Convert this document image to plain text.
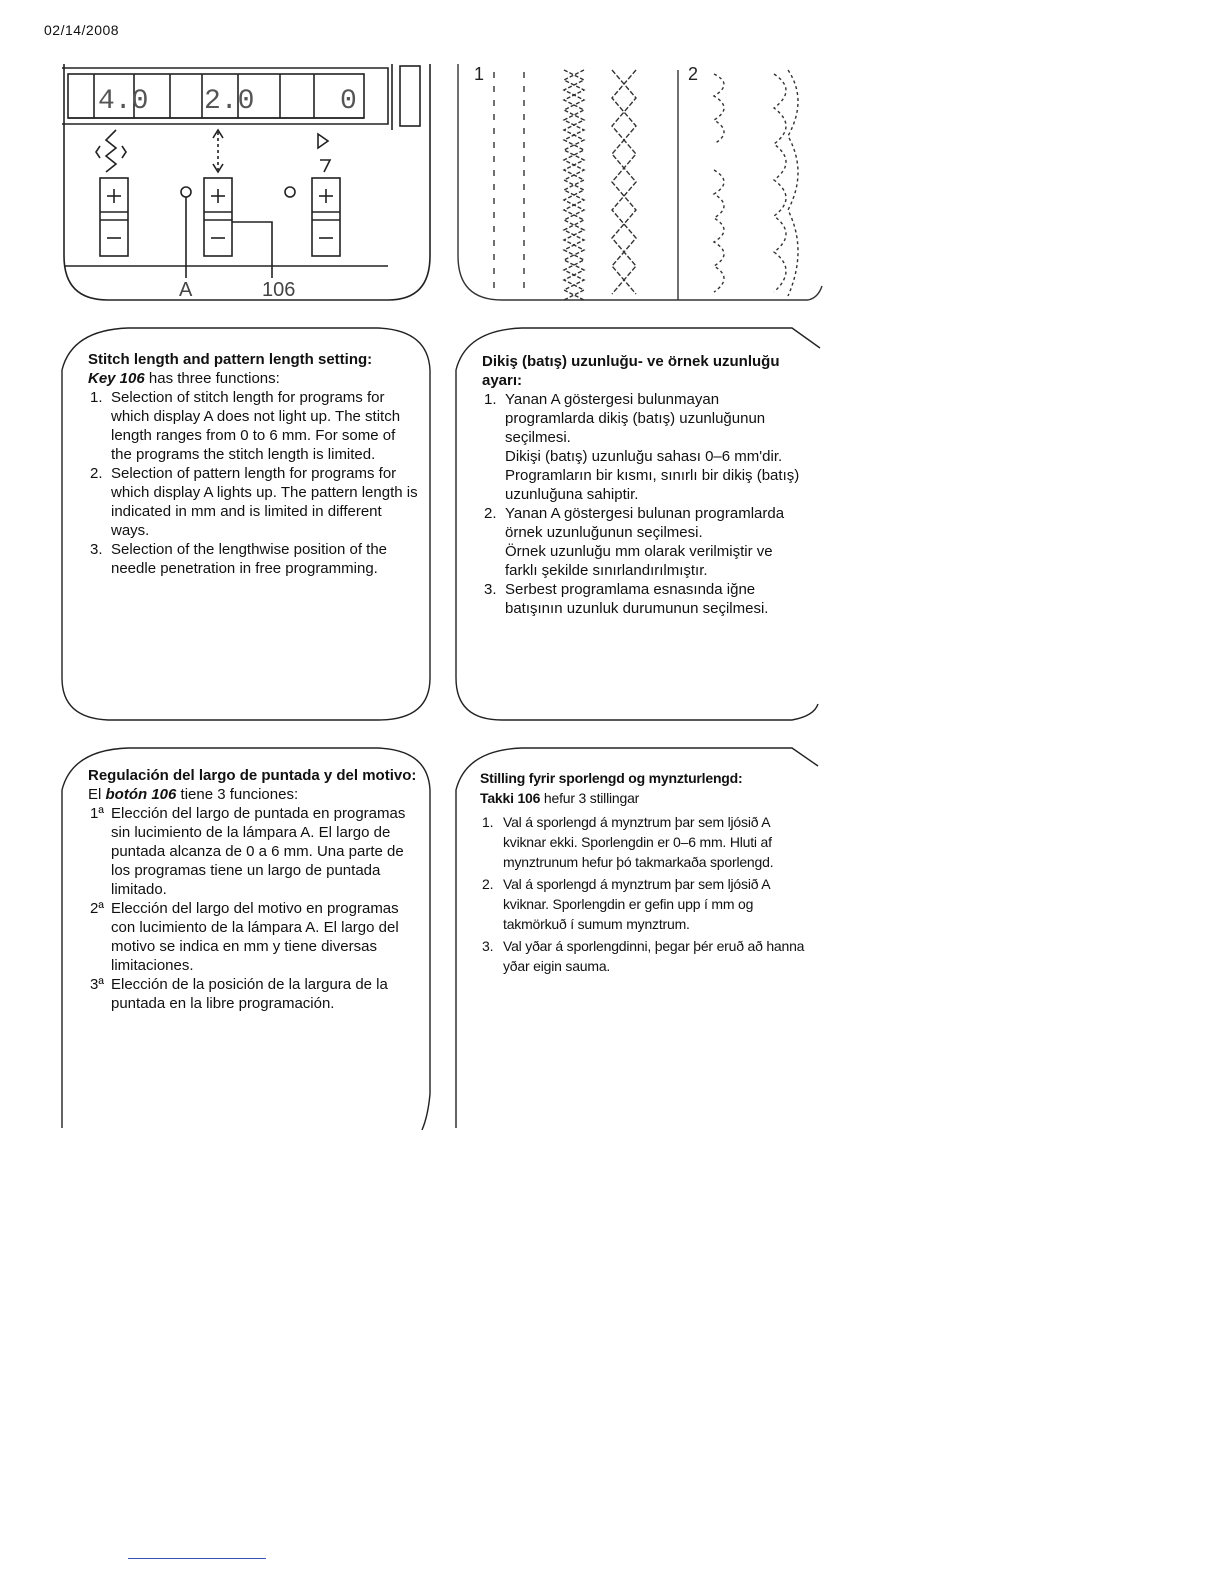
02/14/2008
4.0 2.0	0
A	106
1	2

Stitch length and pattern length setting:

Key 106 has three functions:

1. Selection of stitch length for programs for which display A does not light up. The stitch length ranges from 0 to 6 mm. For some of the programs the stitch length is limited.
2. Selection of pattern length for programs for which display A lights up. The pattern length is indicated in mm and is limited in different ways.
3. Selection of the lengthwise position of the needle penetration in free programming.

Dikiş (batış) uzunluğu- ve örnek uzunluğu ayarı:

1. Yanan A göstergesi bulunmayan programlarda dikiş (batış) uzunluğunun seçilmesi.
Dikişi (batış) uzunluğu sahası 0–6 mm'dir. Programların bir kısmı, sınırlı bir dikiş (batış) uzunluğuna sahiptir.
2. Yanan A göstergesi bulunan programlarda örnek uzunluğunun seçilmesi.
Örnek uzunluğu mm olarak verilmiştir ve farklı şekilde sınırlandırılmıştır.
3. Serbest programlama esnasında iğne batışının uzunluk durumunun seçilmesi.

Regulación del largo de puntada y del motivo:

El botón 106 tiene 3 funciones:

1ª Elección del largo de puntada en programas sin lucimiento de la lámpara A. El largo de puntada alcanza de 0 a 6 mm. Una parte de los programas tiene un largo de puntada limitado.
2ª Elección del largo del motivo en programas con lucimiento de la lámpara A. El largo del motivo se indica en mm y tiene diversas limitaciones.
3ª Elección de la posición de la largura de la puntada en la libre programación.

Stilling fyrir sporlengd og mynzturlengd:

Takki 106 hefur 3 stillingar

1. Val á sporlengd á mynztrum þar sem ljósið A kviknar ekki. Sporlengdin er 0–6 mm. Hluti af mynztrunum hefur þó takmarkaða sporlengd.
2. Val á sporlengd á mynztrum þar sem ljósið A kviknar. Sporlengdin er gefin upp í mm og takmörkuð í sumum mynztrum.
3. Val yðar á sporlengdinni, þegar þér eruð að hanna yðar eigin sauma.
